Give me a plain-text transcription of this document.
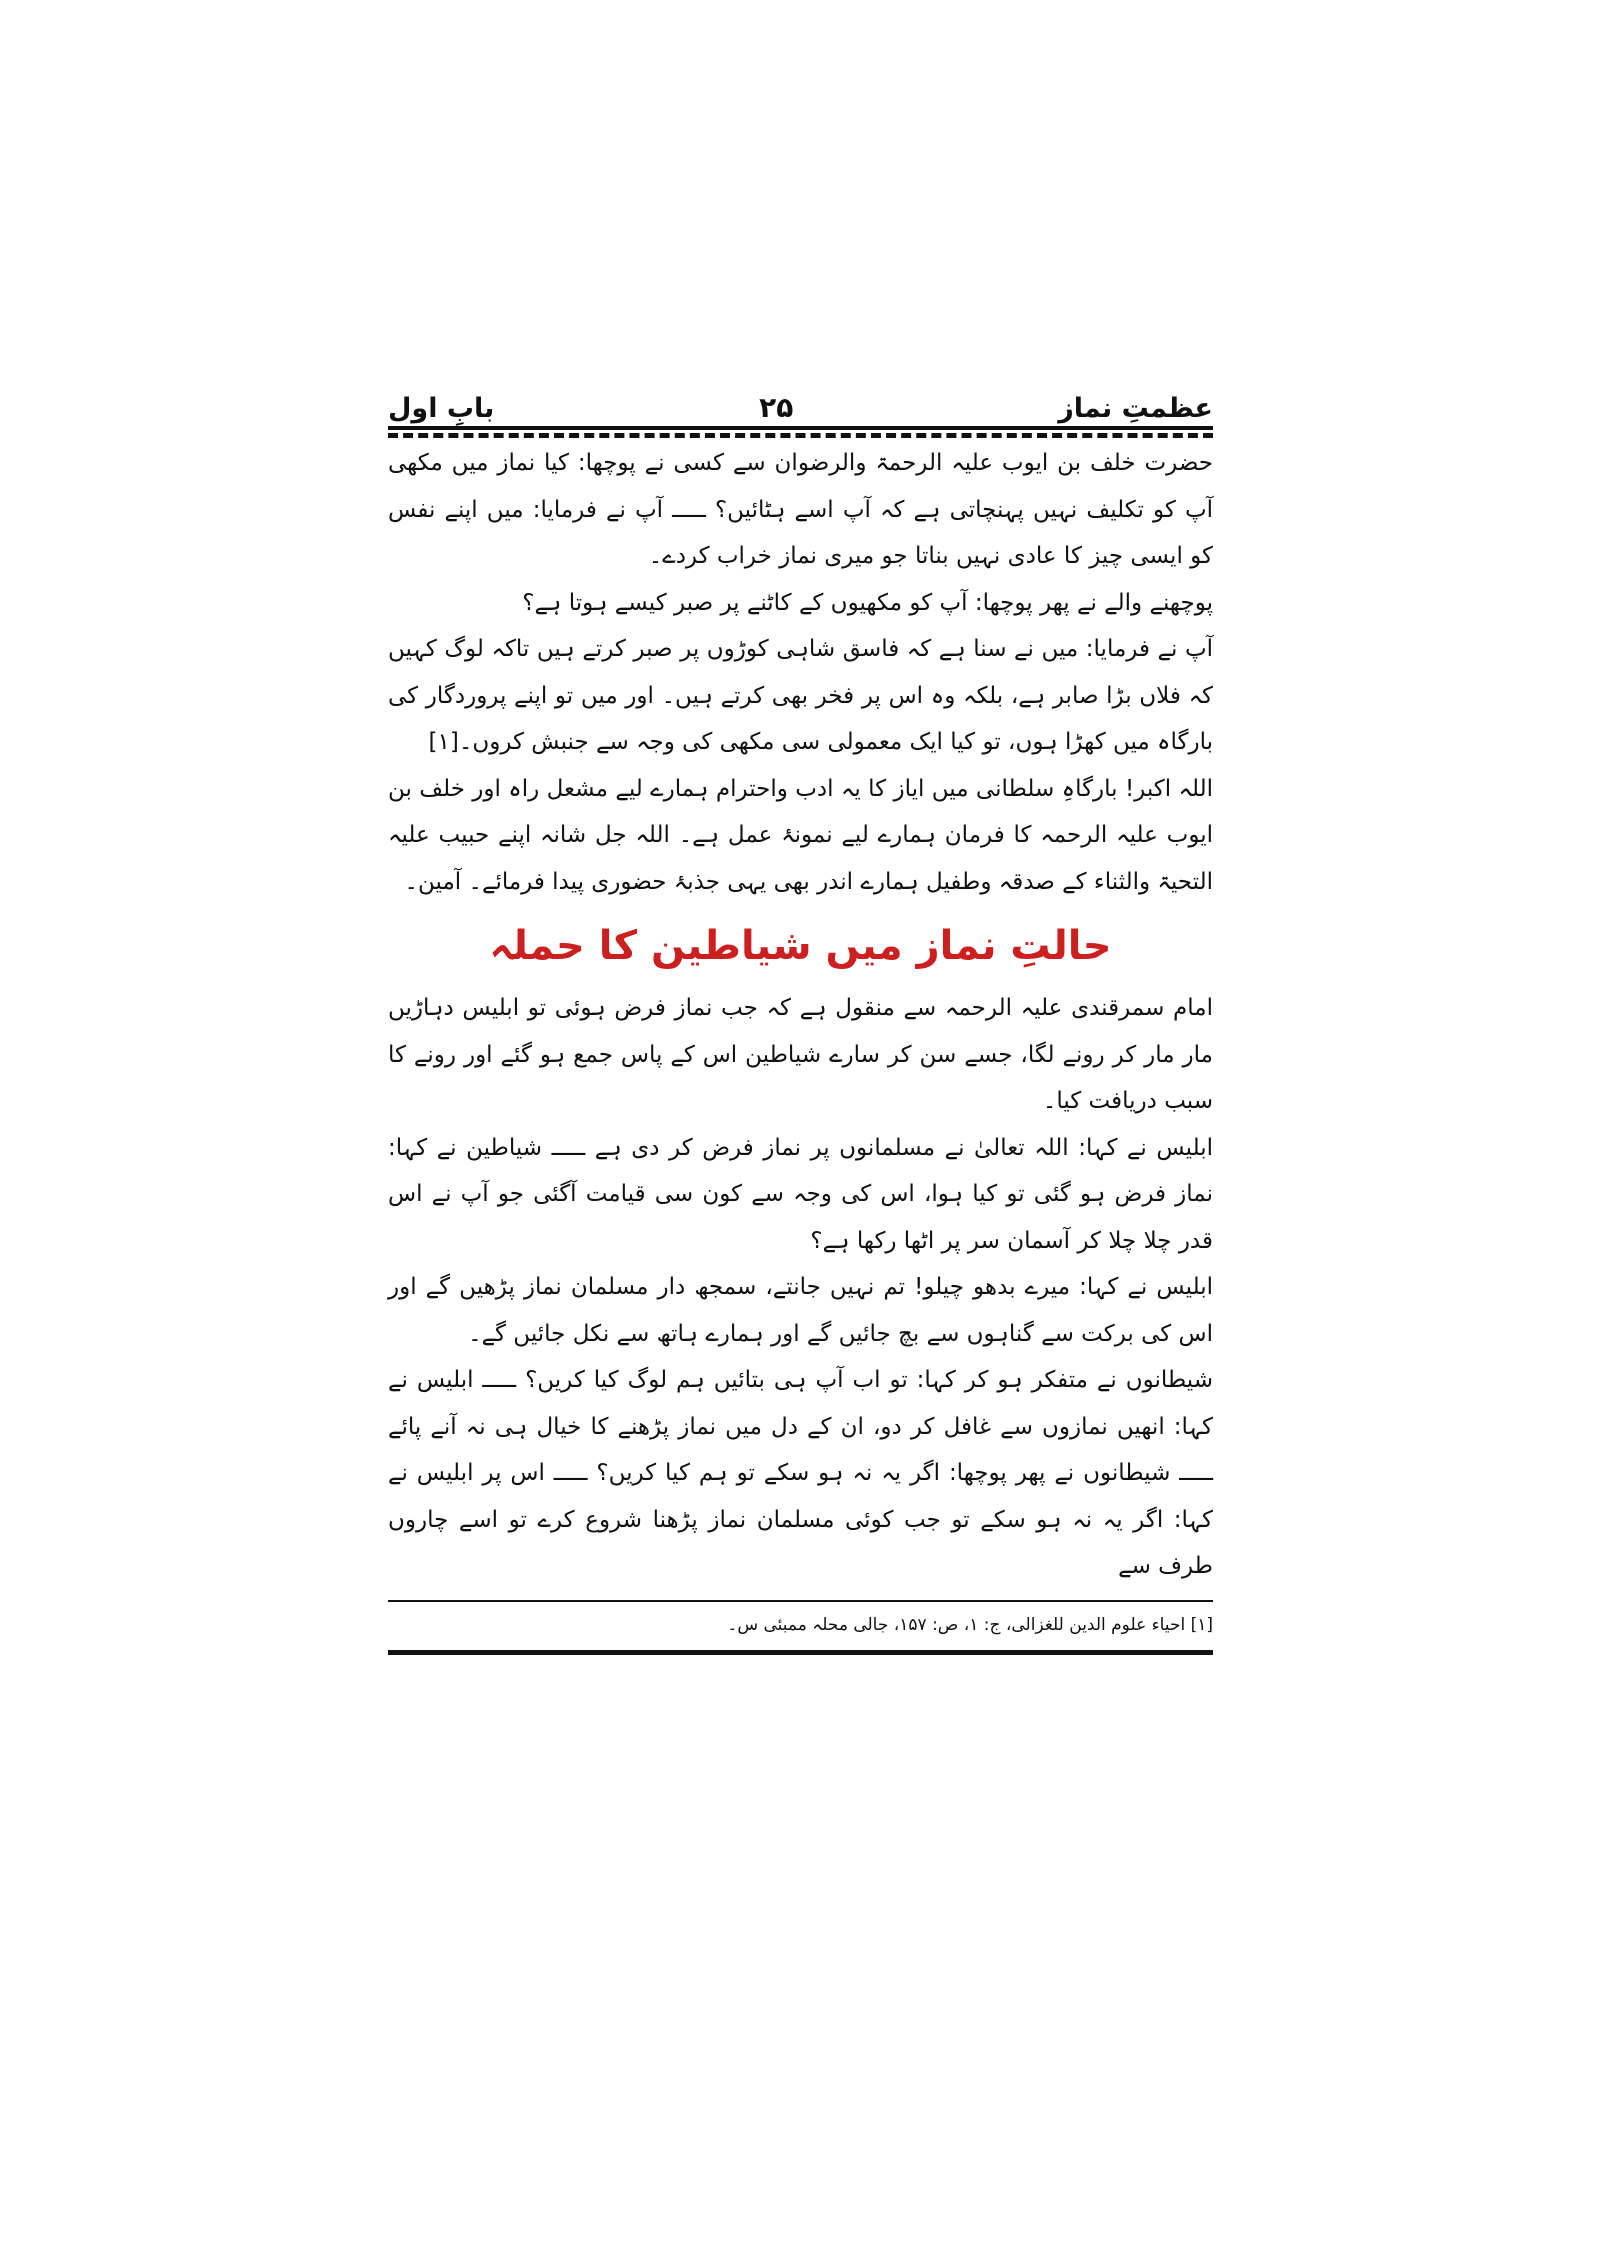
عظمتِ نماز
۲۵
بابِ اول

حضرت خلف بن ایوب علیہ الرحمۃ والرضوان سے کسی نے پوچھا: کیا نماز میں مکھی آپ کو تکلیف نہیں پہنچاتی ہے کہ آپ اسے ہٹائیں؟ ـــــ آپ نے فرمایا: میں اپنے نفس کو ایسی چیز کا عادی نہیں بناتا جو میری نماز خراب کردے۔

پوچھنے والے نے پھر پوچھا: آپ کو مکھیوں کے کاٹنے پر صبر کیسے ہوتا ہے؟

آپ نے فرمایا: میں نے سنا ہے کہ فاسق شاہی کوڑوں پر صبر کرتے ہیں تاکہ لوگ کہیں کہ فلاں بڑا صابر ہے، بلکہ وہ اس پر فخر بھی کرتے ہیں۔ اور میں تو اپنے پروردگار کی بارگاہ میں کھڑا ہوں، تو کیا ایک معمولی سی مکھی کی وجہ سے جنبش کروں۔[۱]

اللہ اکبر! بارگاہِ سلطانی میں ایاز کا یہ ادب واحترام ہمارے لیے مشعل راہ اور خلف بن ایوب علیہ الرحمہ کا فرمان ہمارے لیے نمونۂ عمل ہے۔ اللہ جل شانہ اپنے حبیب علیہ التحیۃ والثناء کے صدقہ وطفیل ہمارے اندر بھی یہی جذبۂ حضوری پیدا فرمائے۔ آمین۔

حالتِ نماز میں شیاطین کا حملہ

امام سمرقندی علیہ الرحمہ سے منقول ہے کہ جب نماز فرض ہوئی تو ابلیس دہاڑیں مار مار کر رونے لگا، جسے سن کر سارے شیاطین اس کے پاس جمع ہو گئے اور رونے کا سبب دریافت کیا۔

ابلیس نے کہا: اللہ تعالیٰ نے مسلمانوں پر نماز فرض کر دی ہے ـــــ شیاطین نے کہا: نماز فرض ہو گئی تو کیا ہوا، اس کی وجہ سے کون سی قیامت آگئی جو آپ نے اس قدر چلا چلا کر آسمان سر پر اٹھا رکھا ہے؟

ابلیس نے کہا: میرے بدھو چیلو! تم نہیں جانتے، سمجھ دار مسلمان نماز پڑھیں گے اور اس کی برکت سے گناہوں سے بچ جائیں گے اور ہمارے ہاتھ سے نکل جائیں گے۔

شیطانوں نے متفکر ہو کر کہا: تو اب آپ ہی بتائیں ہم لوگ کیا کریں؟ ـــــ ابلیس نے کہا: انھیں نمازوں سے غافل کر دو، ان کے دل میں نماز پڑھنے کا خیال ہی نہ آنے پائے ـــــ شیطانوں نے پھر پوچھا: اگر یہ نہ ہو سکے تو ہم کیا کریں؟ ـــــ اس پر ابلیس نے کہا: اگر یہ نہ ہو سکے تو جب کوئی مسلمان نماز پڑھنا شروع کرے تو اسے چاروں طرف سے

[۱] احیاء علوم الدین للغزالی، ج: ۱، ص: ۱۵۷، جالی محلہ ممبئی س۔
